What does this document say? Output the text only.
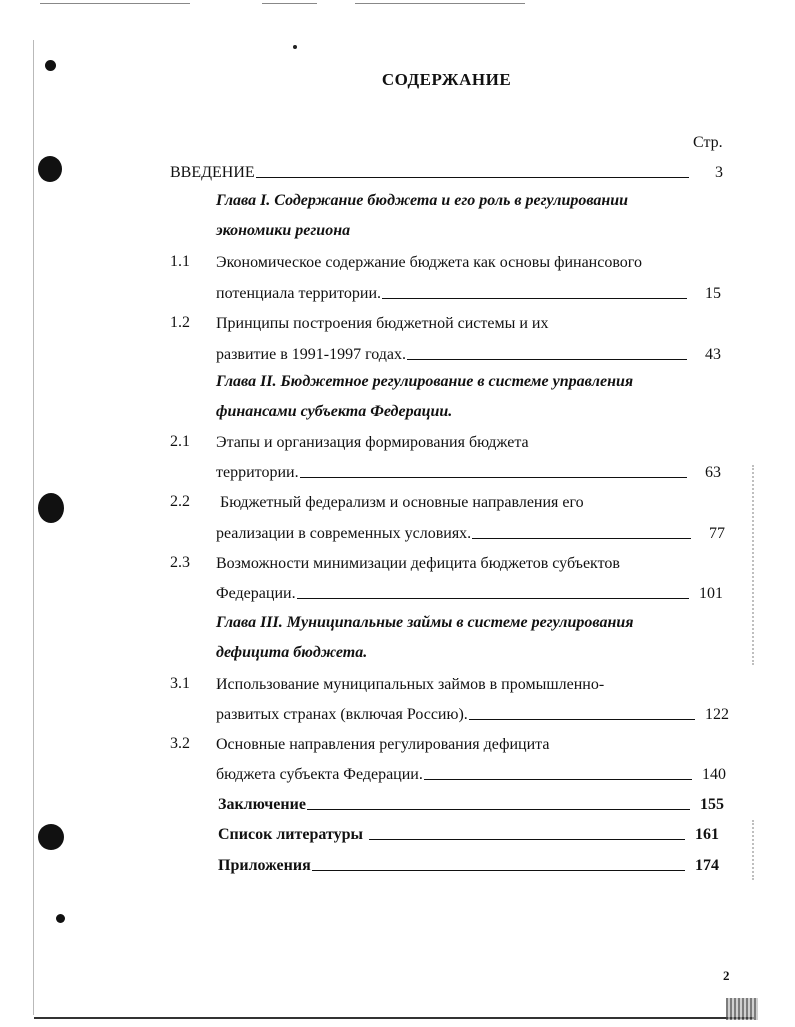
СОДЕРЖАНИЕ
Стр.
ВВЕДЕНИЕ	3
Глава I. Содержание бюджета и его роль в регулировании
экономики региона
1.1 Экономическое содержание бюджета как основы финансового
потенциала территории.	15
1.2 Принципы построения бюджетной системы и их
развитие в 1991-1997 годах.	43
Глава II. Бюджетное регулирование в системе управления
финансами субъекта Федерации.
2.1 Этапы и организация формирования бюджета
территории.	63
2.2 Бюджетный федерализм и основные направления его
реализации в современных условиях.	77
2.3 Возможности минимизации дефицита бюджетов субъектов
Федерации.	101
Глава III. Муниципальные займы в системе регулирования
дефицита бюджета.
3.1 Использование муниципальных займов в промышленно-
развитых странах (включая Россию).	122
3.2 Основные направления регулирования дефицита
бюджета субъекта Федерации.	140
Заключение	155
Список литературы	161
Приложения	174
2
